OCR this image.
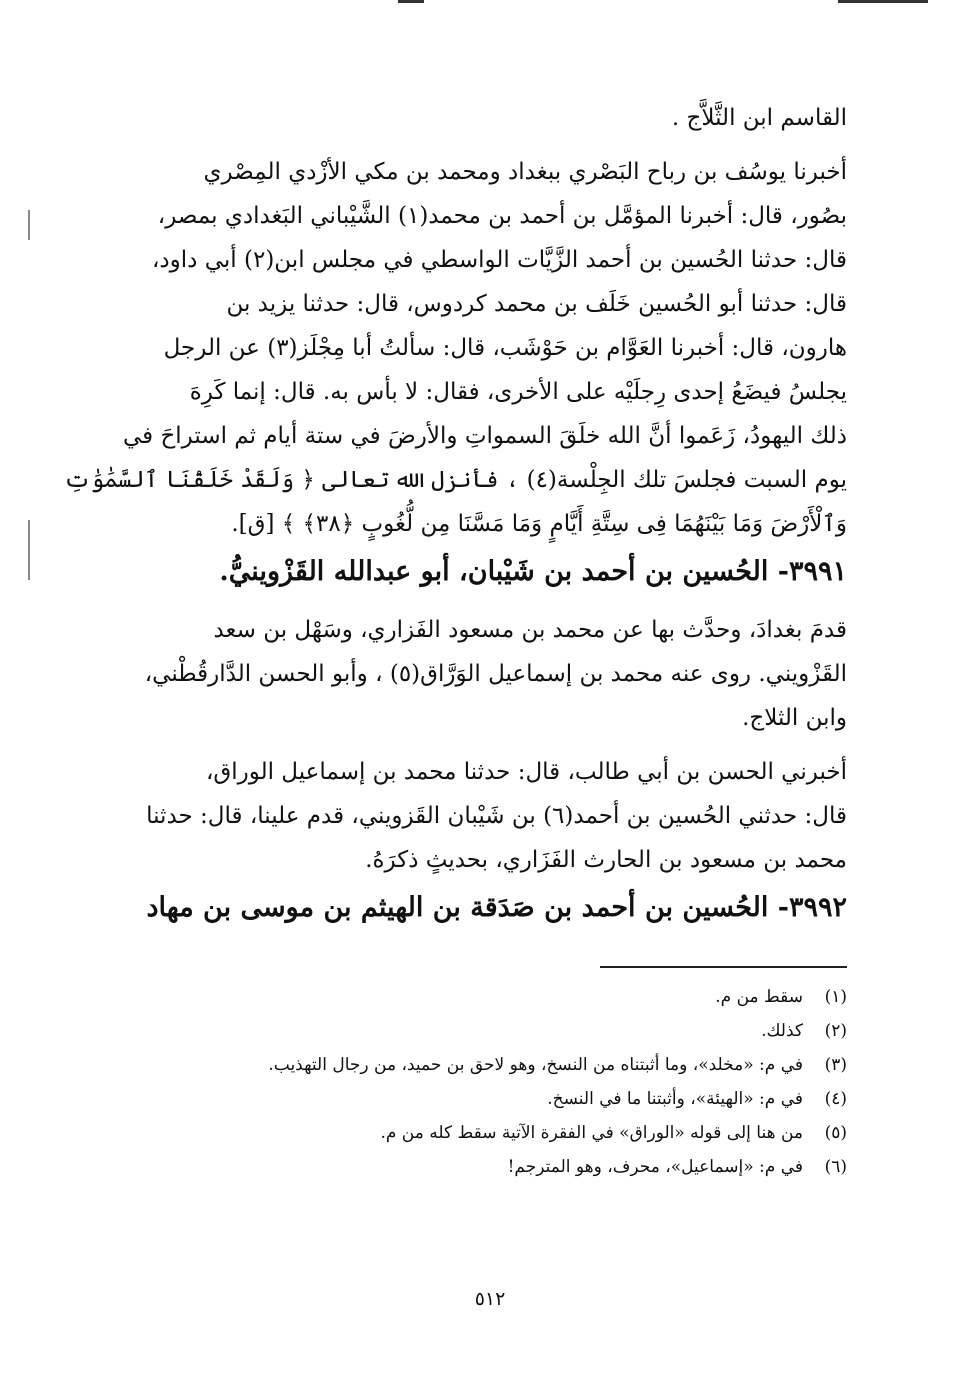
القاسم ابن الثَّلاَّج .
أخبرنا يوسُف بن رباح البَصْري ببغداد ومحمد بن مكي الأزْدي المِصْري
بصُور، قال: أخبرنا المؤمَّل بن أحمد بن محمد(١) الشَّيْباني البَغدادي بمصر،
قال: حدثنا الحُسين بن أحمد الزَّيَّات الواسطي في مجلس ابن(٢) أبي داود،
قال: حدثنا أبو الحُسين خَلَف بن محمد كردوس، قال: حدثنا يزيد بن
هارون، قال: أخبرنا العَوَّام بن حَوْشَب، قال: سألتُ أبا مِجْلَز(٣) عن الرجل
يجلسُ فيضَعُ إحدى رِجلَيْه على الأخرى، فقال: لا بأس به. قال: إنما كَرِهَ
ذلك اليهودُ، زَعَموا أنَّ الله خلَقَ السمواتِ والأرضَ في ستة أيام ثم استراحَ في
يوم السبت فجلسَ تلك الجِلْسة(٤) ، فأنزل الله تعالى ﴿ وَلَقَدْ خَلَقْنَا ٱلسَّمَٰوَٰتِ
وَٱلْأَرْضَ وَمَا بَيْنَهُمَا فِى سِتَّةِ أَيَّامٍ وَمَا مَسَّنَا مِن لُّغُوبٍ ﴿٣٨﴾ ﴾ [ق].
٣٩٩١- الحُسين بن أحمد بن شَيْبان، أبو عبدالله القَزْوينيُّ.
قدمَ بغدادَ، وحدَّث بها عن محمد بن مسعود الفَزاري، وسَهْل بن سعد
القَزْويني. روى عنه محمد بن إسماعيل الوَرَّاق(٥) ، وأبو الحسن الدَّارقُطْني،
وابن الثلاج.
أخبرني الحسن بن أبي طالب، قال: حدثنا محمد بن إسماعيل الوراق،
قال: حدثني الحُسين بن أحمد(٦) بن شَيْبان القَزويني، قدم علينا، قال: حدثنا
محمد بن مسعود بن الحارث الفَزَاري، بحديثٍ ذكرَهُ.
٣٩٩٢- الحُسين بن أحمد بن صَدَقة بن الهيثم بن موسى بن مهاد
(١)سقط من م.
(٢)كذلك.
(٣)في م: «مخلد»، وما أثبتناه من النسخ، وهو لاحق بن حميد، من رجال التهذيب.
(٤)في م: «الهيئة»، وأثبتنا ما في النسخ.
(٥)من هنا إلى قوله «الوراق» في الفقرة الآتية سقط كله من م.
(٦)في م: «إسماعيل»، محرف، وهو المترجم!
٥١٢
